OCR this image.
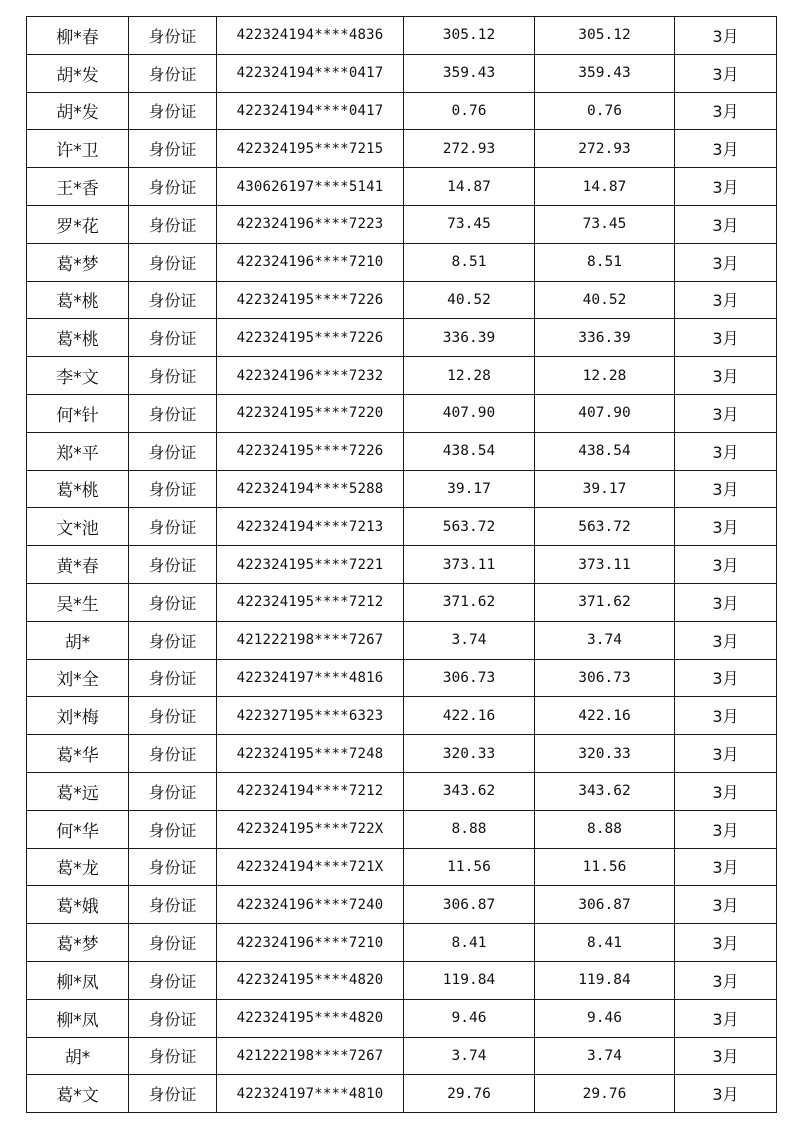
柳*春	身份证	422324194****4836	305.12	305.12	3月
胡*发	身份证	422324194****0417	359.43	359.43	3月
胡*发	身份证	422324194****0417	0.76	0.76	3月
许*卫	身份证	422324195****7215	272.93	272.93	3月
王*香	身份证	430626197****5141	14.87	14.87	3月
罗*花	身份证	422324196****7223	73.45	73.45	3月
葛*梦	身份证	422324196****7210	8.51	8.51	3月
葛*桃	身份证	422324195****7226	40.52	40.52	3月
葛*桃	身份证	422324195****7226	336.39	336.39	3月
李*文	身份证	422324196****7232	12.28	12.28	3月
何*针	身份证	422324195****7220	407.90	407.90	3月
郑*平	身份证	422324195****7226	438.54	438.54	3月
葛*桃	身份证	422324194****5288	39.17	39.17	3月
文*池	身份证	422324194****7213	563.72	563.72	3月
黄*春	身份证	422324195****7221	373.11	373.11	3月
吴*生	身份证	422324195****7212	371.62	371.62	3月
胡*	身份证	421222198****7267	3.74	3.74	3月
刘*全	身份证	422324197****4816	306.73	306.73	3月
刘*梅	身份证	422327195****6323	422.16	422.16	3月
葛*华	身份证	422324195****7248	320.33	320.33	3月
葛*远	身份证	422324194****7212	343.62	343.62	3月
何*华	身份证	422324195****722X	8.88	8.88	3月
葛*龙	身份证	422324194****721X	11.56	11.56	3月
葛*娥	身份证	422324196****7240	306.87	306.87	3月
葛*梦	身份证	422324196****7210	8.41	8.41	3月
柳*凤	身份证	422324195****4820	119.84	119.84	3月
柳*凤	身份证	422324195****4820	9.46	9.46	3月
胡*	身份证	421222198****7267	3.74	3.74	3月
葛*文	身份证	422324197****4810	29.76	29.76	3月
